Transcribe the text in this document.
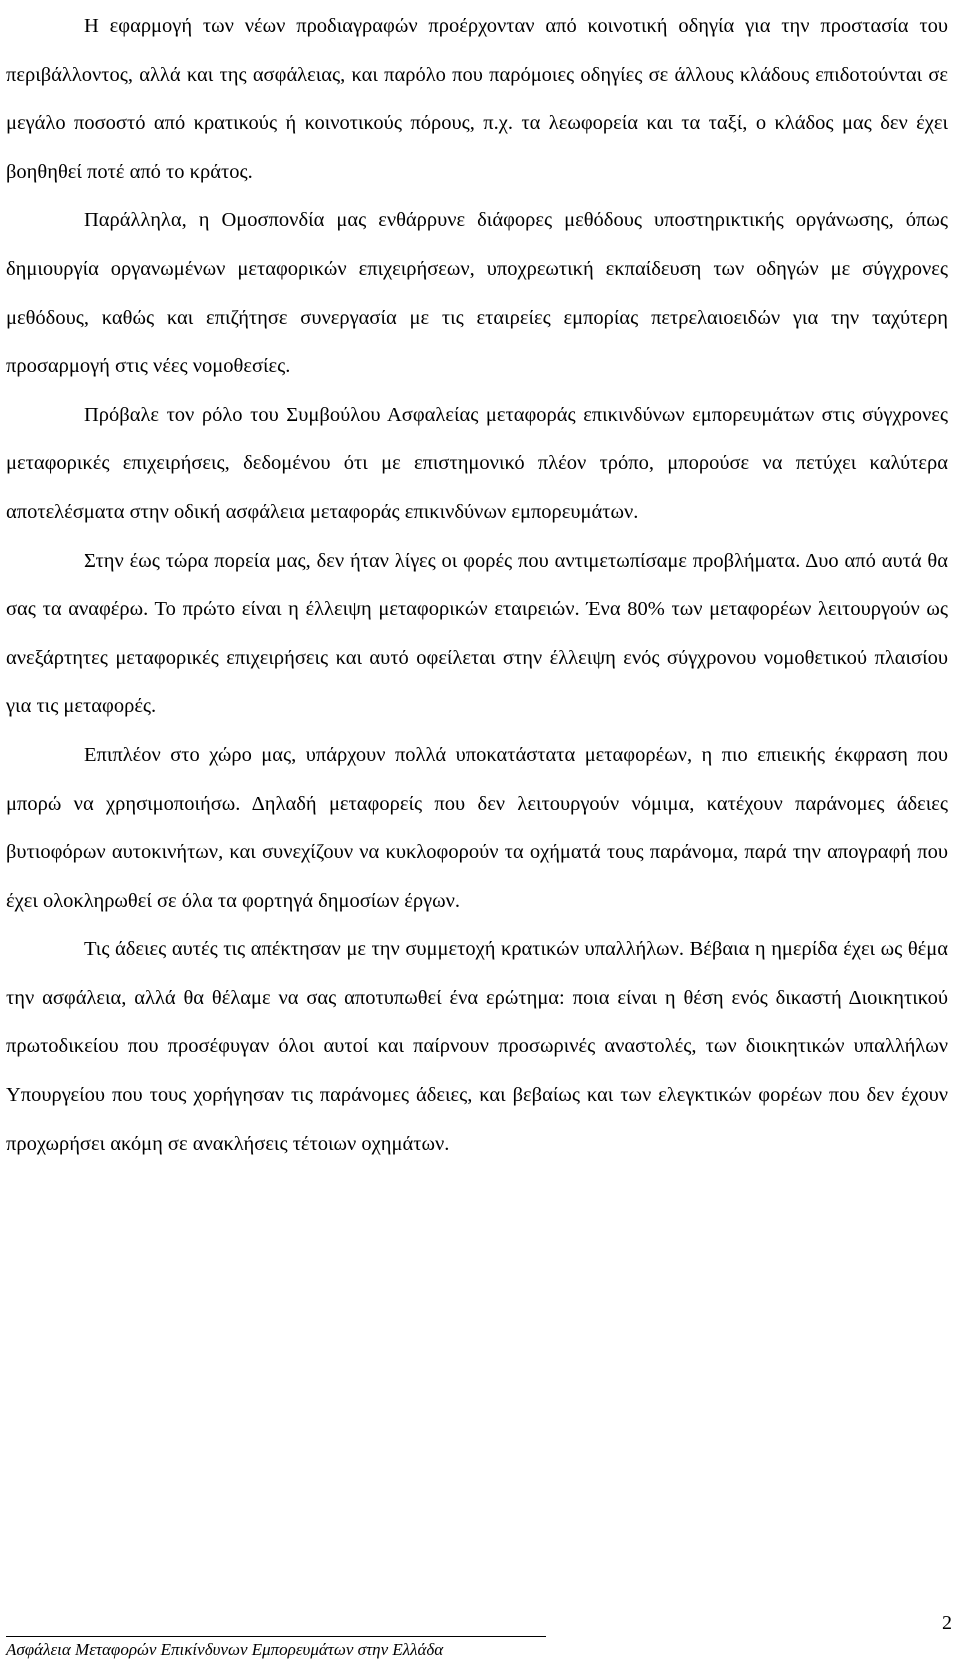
Η εφαρμογή των νέων προδιαγραφών προέρχονταν από κοινοτική οδηγία για την προστασία του περιβάλλοντος, αλλά και της ασφάλειας, και παρόλο που παρόμοιες οδηγίες σε άλλους κλάδους επιδοτούνται σε μεγάλο ποσοστό από κρατικούς ή κοινοτικούς πόρους, π.χ. τα λεωφορεία και τα ταξί, ο κλάδος μας δεν έχει βοηθηθεί ποτέ από το κράτος.

Παράλληλα, η Ομοσπονδία μας ενθάρρυνε διάφορες μεθόδους υποστηρικτικής οργάνωσης, όπως δημιουργία οργανωμένων μεταφορικών επιχειρήσεων, υποχρεωτική εκπαίδευση των οδηγών με σύγχρονες μεθόδους, καθώς και επιζήτησε συνεργασία με τις εταιρείες εμπορίας πετρελαιοειδών για την ταχύτερη προσαρμογή στις νέες νομοθεσίες.

Πρόβαλε τον ρόλο του Συμβούλου Ασφαλείας μεταφοράς επικινδύνων εμπορευμάτων στις σύγχρονες μεταφορικές επιχειρήσεις, δεδομένου ότι με επιστημονικό πλέον τρόπο, μπορούσε να πετύχει καλύτερα αποτελέσματα στην οδική ασφάλεια μεταφοράς επικινδύνων εμπορευμάτων.

Στην έως τώρα πορεία μας, δεν ήταν λίγες οι φορές που αντιμετωπίσαμε προβλήματα. Δυο από αυτά θα σας τα αναφέρω. Το πρώτο είναι η έλλειψη μεταφορικών εταιρειών. Ένα 80% των μεταφορέων λειτουργούν ως ανεξάρτητες μεταφορικές επιχειρήσεις και αυτό οφείλεται στην έλλειψη ενός σύγχρονου νομοθετικού πλαισίου για τις μεταφορές.

Επιπλέον στο χώρο μας, υπάρχουν πολλά υποκατάστατα μεταφορέων, η πιο επιεικής έκφραση που μπορώ να χρησιμοποιήσω. Δηλαδή μεταφορείς που δεν λειτουργούν νόμιμα, κατέχουν παράνομες άδειες βυτιοφόρων αυτοκινήτων, και συνεχίζουν να κυκλοφορούν τα οχήματά τους παράνομα, παρά την απογραφή που έχει ολοκληρωθεί σε όλα τα φορτηγά δημοσίων έργων.

Τις άδειες αυτές τις απέκτησαν με την συμμετοχή κρατικών υπαλλήλων. Βέβαια η ημερίδα έχει ως θέμα την ασφάλεια, αλλά θα θέλαμε να σας αποτυπωθεί ένα ερώτημα: ποια είναι η θέση ενός δικαστή Διοικητικού πρωτοδικείου που προσέφυγαν όλοι αυτοί και παίρνουν προσωρινές αναστολές, των διοικητικών υπαλλήλων Υπουργείου που τους χορήγησαν τις παράνομες άδειες, και βεβαίως και των ελεγκτικών φορέων που δεν έχουν προχωρήσει ακόμη σε ανακλήσεις τέτοιων οχημάτων.

2
Ασφάλεια Μεταφορών Επικίνδυνων Εμπορευμάτων στην Ελλάδα
